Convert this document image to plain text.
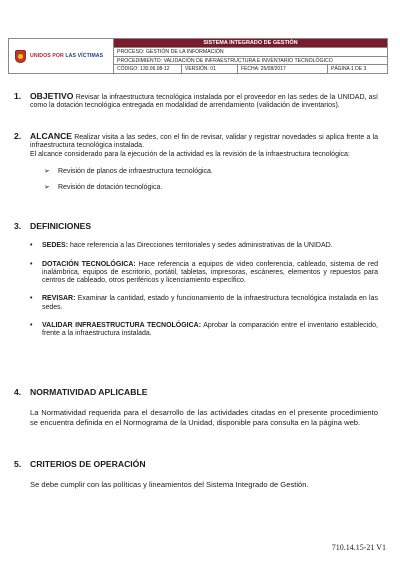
UNIDOS POR LAS VÍCTIMAS
SISTEMA INTEGRADO DE GESTIÓN
PROCESO: GESTIÓN DE LA INFORMACIÓN
PROCEDIMIENTO: VALIDACIÓN DE INFRAESTRUCTURA E INVENTARIO TECNOLÓGICO
CÓDIGO: 130.06.08-12	VERSIÓN: 01	FECHA: 25/08/2017	PÁGINA 1 DE 3
1. OBJETIVO Revisar la infraestructura tecnológica instalada por el proveedor en las sedes de la UNIDAD, así como la dotación tecnológica entregada en modalidad de arrendamiento (validación de inventarios).
2. ALCANCE Realizar visita a las sedes, con el fin de revisar, validar y registrar novedades si aplica frente a la infraestructura tecnológica instalada.
El alcance considerado para la ejecución de la actividad es la revisión de la infraestructura tecnológica:
➢	Revisión de planos de infraestructura tecnológica.
➢	Revisión de dotación tecnológica.
3. DEFINICIONES
•	SEDES: hace referencia a las Direcciones territoriales y sedes administrativas de la UNIDAD.
•	DOTACIÓN TECNOLÓGICA: Hace referencia a equipos de video conferencia, cableado, sistema de red inalámbrica, equipos de escritorio, portátil, tabletas, impresoras, escáneres, elementos y repuestos para centros de cableado, otros periféricos y licenciamiento específico.
•	REVISAR: Examinar la cantidad, estado y funcionamiento de la infraestructura tecnológica instalada en las sedes.
•	VALIDAR INFRAESTRUCTURA TECNOLÓGICA: Aprobar la comparación entre el inventario establecido, frente a la infraestructura instalada.
4. NORMATIVIDAD APLICABLE
La Normatividad requerida para el desarrollo de las actividades citadas en el presente procedimiento se encuentra definida en el Normograma de la Unidad, disponible para consulta en la página web.
5. CRITERIOS DE OPERACIÓN
Se debe cumplir con las políticas y lineamientos del Sistema Integrado de Gestión.
710.14.15-21 V1
